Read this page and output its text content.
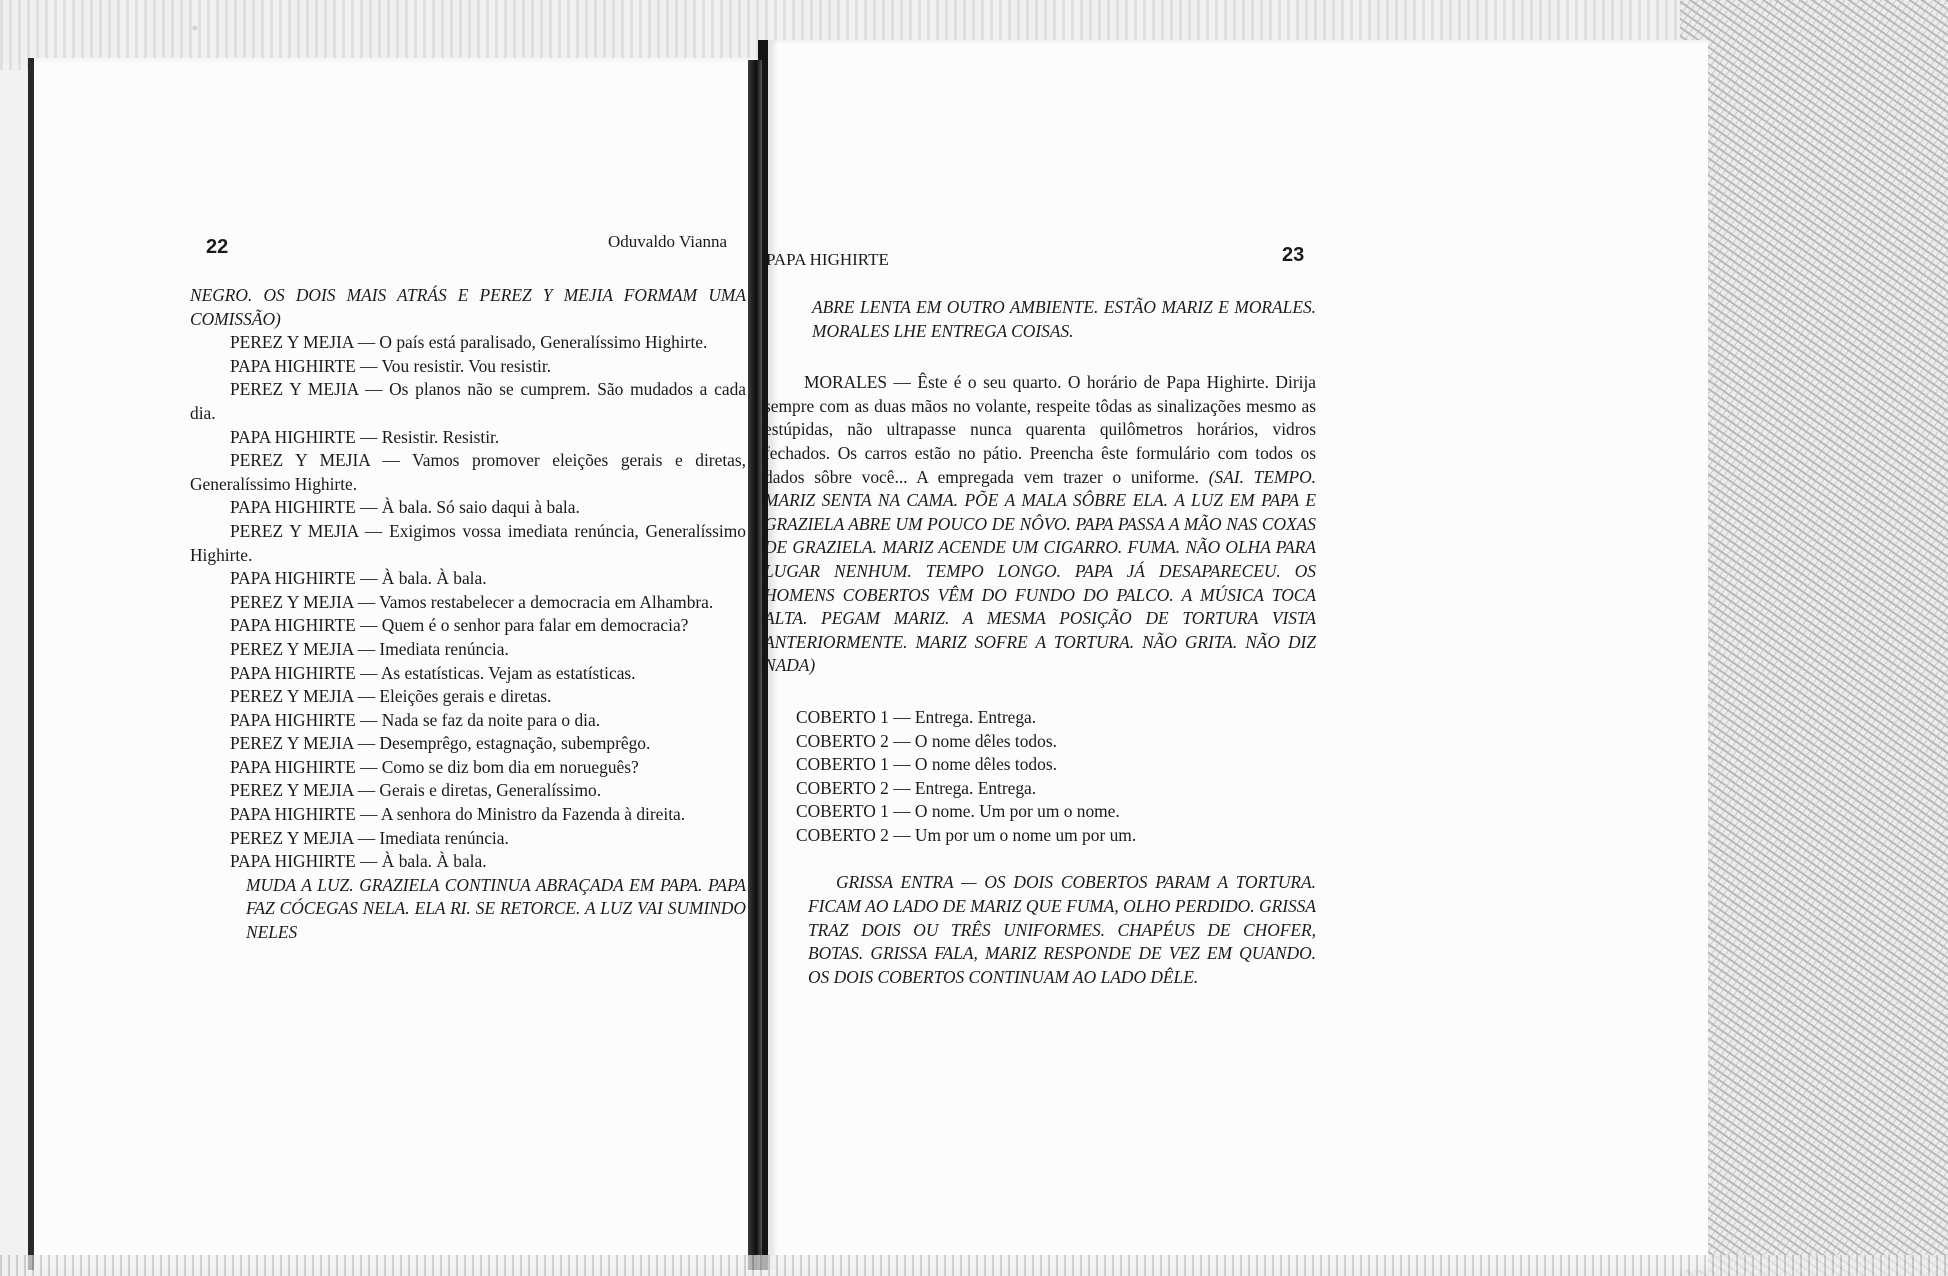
22	Oduvaldo Vianna

NEGRO. OS DOIS MAIS ATRÁS E PEREZ Y MEJIA FORMAM UMA COMISSÃO)

PEREZ Y MEJIA — O país está paralisado, Generalíssimo Highirte.

PAPA HIGHIRTE — Vou resistir. Vou resistir.

PEREZ Y MEJIA — Os planos não se cumprem. São mudados a cada dia.

PAPA HIGHIRTE — Resistir. Resistir.

PEREZ Y MEJIA — Vamos promover eleições gerais e diretas, Generalíssimo Highirte.

PAPA HIGHIRTE — À bala. Só saio daqui à bala.

PEREZ Y MEJIA — Exigimos vossa imediata renúncia, Generalíssimo Highirte.

PAPA HIGHIRTE — À bala. À bala.

PEREZ Y MEJIA — Vamos restabelecer a democracia em Alhambra.

PAPA HIGHIRTE — Quem é o senhor para falar em democracia?

PEREZ Y MEJIA — Imediata renúncia.

PAPA HIGHIRTE — As estatísticas. Vejam as estatísticas.

PEREZ Y MEJIA — Eleições gerais e diretas.

PAPA HIGHIRTE — Nada se faz da noite para o dia.

PEREZ Y MEJIA — Desemprêgo, estagnação, subemprêgo.

PAPA HIGHIRTE — Como se diz bom dia em norueguês?

PEREZ Y MEJIA — Gerais e diretas, Generalíssimo.

PAPA HIGHIRTE — A senhora do Ministro da Fazenda à direita.

PEREZ Y MEJIA — Imediata renúncia.

PAPA HIGHIRTE — À bala. À bala.

MUDA A LUZ. GRAZIELA CONTINUA ABRAÇADA EM PAPA. PAPA FAZ CÓCEGAS NELA. ELA RI. SE RETORCE. A LUZ VAI SUMINDO NELES

PAPA HIGHIRTE	23

ABRE LENTA EM OUTRO AMBIENTE. ESTÃO MARIZ E MORALES. MORALES LHE ENTREGA COISAS.

MORALES — Êste é o seu quarto. O horário de Papa Highirte. Dirija sempre com as duas mãos no volante, respeite tôdas as sinalizações mesmo as estúpidas, não ultrapasse nunca quarenta quilômetros horários, vidros fechados. Os carros estão no pátio. Preencha êste formulário com todos os dados sôbre você... A empregada vem trazer o uniforme. (SAI. TEMPO. MARIZ SENTA NA CAMA. PÕE A MALA SÔBRE ELA. A LUZ EM PAPA E GRAZIELA ABRE UM POUCO DE NÔVO. PAPA PASSA A MÃO NAS COXAS DE GRAZIELA. MARIZ ACENDE UM CIGARRO. FUMA. NÃO OLHA PARA LUGAR NENHUM. TEMPO LONGO. PAPA JÁ DESAPARECEU. OS HOMENS COBERTOS VÊM DO FUNDO DO PALCO. A MÚSICA TOCA ALTA. PEGAM MARIZ. A MESMA POSIÇÃO DE TORTURA VISTA ANTERIORMENTE. MARIZ SOFRE A TORTURA. NÃO GRITA. NÃO DIZ NADA)

COBERTO 1 — Entrega. Entrega.

COBERTO 2 — O nome dêles todos.

COBERTO 1 — O nome dêles todos.

COBERTO 2 — Entrega. Entrega.

COBERTO 1 — O nome. Um por um o nome.

COBERTO 2 — Um por um o nome um por um.

GRISSA ENTRA — OS DOIS COBERTOS PARAM A TORTURA. FICAM AO LADO DE MARIZ QUE FUMA, OLHO PERDIDO. GRISSA TRAZ DOIS OU TRÊS UNIFORMES. CHAPÉUS DE CHOFER, BOTAS. GRISSA FALA, MARIZ RESPONDE DE VEZ EM QUANDO. OS DOIS COBERTOS CONTINUAM AO LADO DÊLE.
